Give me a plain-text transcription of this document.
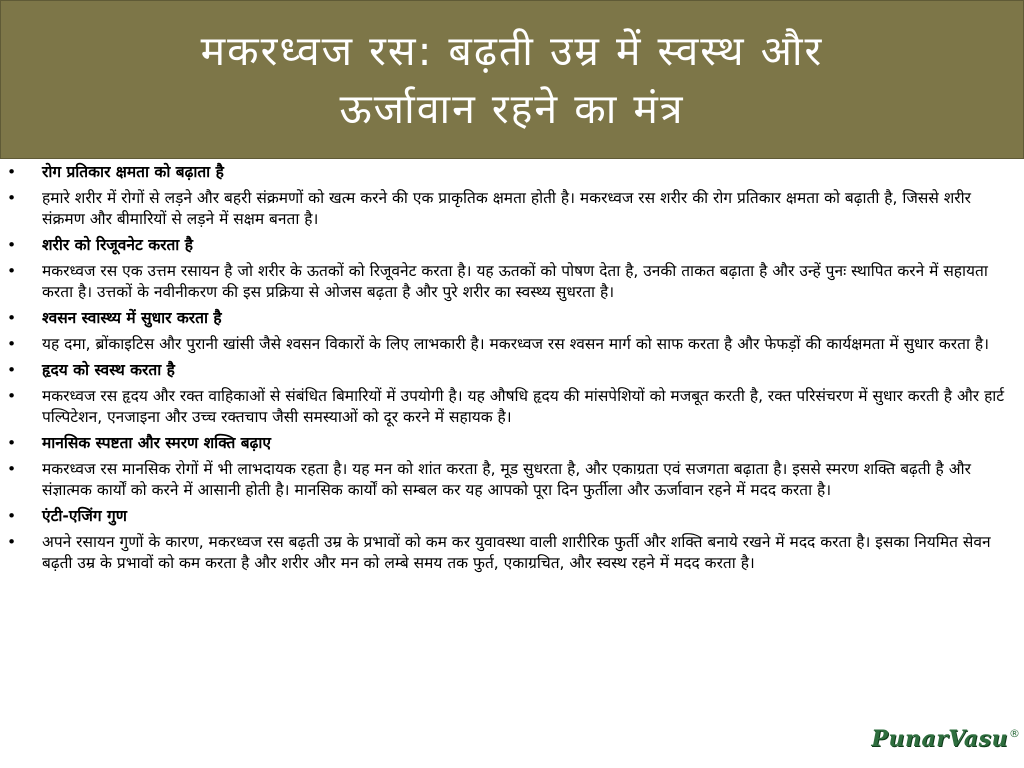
मकरध्वज रस: बढ़ती उम्र में स्वस्थ और
ऊर्जावान रहने का मंत्र
•	रोग प्रतिकार क्षमता को बढ़ाता है
•	हमारे शरीर में रोगों से लड़ने और बहरी संक्रमणों को खत्म करने की एक प्राकृतिक क्षमता होती है। मकरध्वज रस शरीर की रोग प्रतिकार क्षमता को बढ़ाती है, जिससे शरीर संक्रमण और बीमारियों से लड़ने में सक्षम बनता है।
•	शरीर को रिजूवनेट करता है
•	मकरध्वज रस एक उत्तम रसायन है जो शरीर के ऊतकों को रिजूवनेट करता है। यह ऊतकों को पोषण देता है, उनकी ताकत बढ़ाता है और उन्हें पुनः स्थापित करने में सहायता करता है। उत्तकों के नवीनीकरण की इस प्रक्रिया से ओजस बढ़ता है और पुरे शरीर का स्वस्थ्य सुधरता है।
•	श्वसन स्वास्थ्य में सुधार करता है
•	यह दमा, ब्रोंकाइटिस और पुरानी खांसी जैसे श्वसन विकारों के लिए लाभकारी है। मकरध्वज रस श्वसन मार्ग को साफ करता है और फेफड़ों की कार्यक्षमता में सुधार करता है।
•	हृदय को स्वस्थ करता है
•	मकरध्वज रस हृदय और रक्त वाहिकाओं से संबंधित बिमारियों में उपयोगी है। यह औषधि हृदय की मांसपेशियों को मजबूत करती है, रक्त परिसंचरण में सुधार करती है और हार्ट पल्पिटेशन, एनजाइना और उच्च रक्तचाप जैसी समस्याओं को दूर करने में सहायक है।
•	मानसिक स्पष्टता और स्मरण शक्ति बढ़ाए
•	मकरध्वज रस मानसिक रोगों में भी लाभदायक रहता है। यह मन को शांत करता है, मूड सुधरता है, और एकाग्रता एवं सजगता बढ़ाता है। इससे स्मरण शक्ति बढ़ती है और संज्ञात्मक कार्यों को करने में आसानी होती है। मानसिक कार्यों को सम्बल कर यह आपको पूरा दिन फुर्तीला और ऊर्जावान रहने में मदद करता है।
•	एंटी-एजिंग गुण
•	अपने रसायन गुणों के कारण, मकरध्वज रस बढ़ती उम्र के प्रभावों को कम कर युवावस्था वाली शारीरिक फुर्ती और शक्ति बनाये रखने में मदद करता है। इसका नियमित सेवन बढ़ती उम्र के प्रभावों को कम करता है और शरीर और मन को लम्बे समय तक फुर्त, एकाग्रचित, और स्वस्थ रहने में मदद करता है।
PunarVasu ®
